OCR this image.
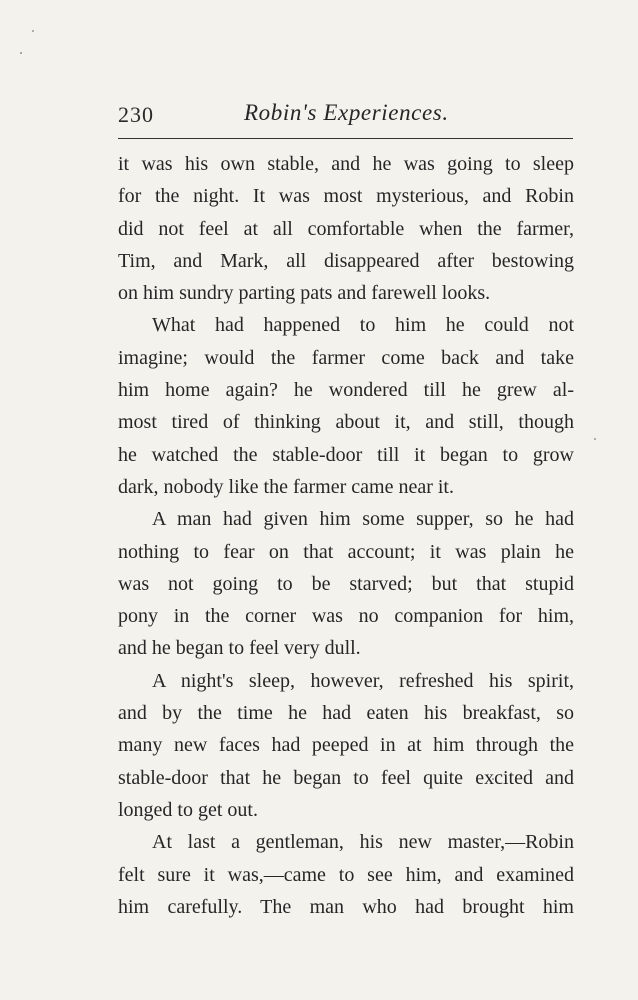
230	Robin's Experiences.
it was his own stable, and he was going to sleep
for the night. It was most mysterious, and Robin
did not feel at all comfortable when the farmer,
Tim, and Mark, all disappeared after bestowing
on him sundry parting pats and farewell looks.
What had happened to him he could not
imagine; would the farmer come back and take
him home again? he wondered till he grew al-
most tired of thinking about it, and still, though
he watched the stable-door till it began to grow
dark, nobody like the farmer came near it.
A man had given him some supper, so he had
nothing to fear on that account; it was plain he
was not going to be starved; but that stupid
pony in the corner was no companion for him,
and he began to feel very dull.
A night's sleep, however, refreshed his spirit,
and by the time he had eaten his breakfast, so
many new faces had peeped in at him through the
stable-door that he began to feel quite excited and
longed to get out.
At last a gentleman, his new master,—Robin
felt sure it was,—came to see him, and examined
him carefully. The man who had brought him
